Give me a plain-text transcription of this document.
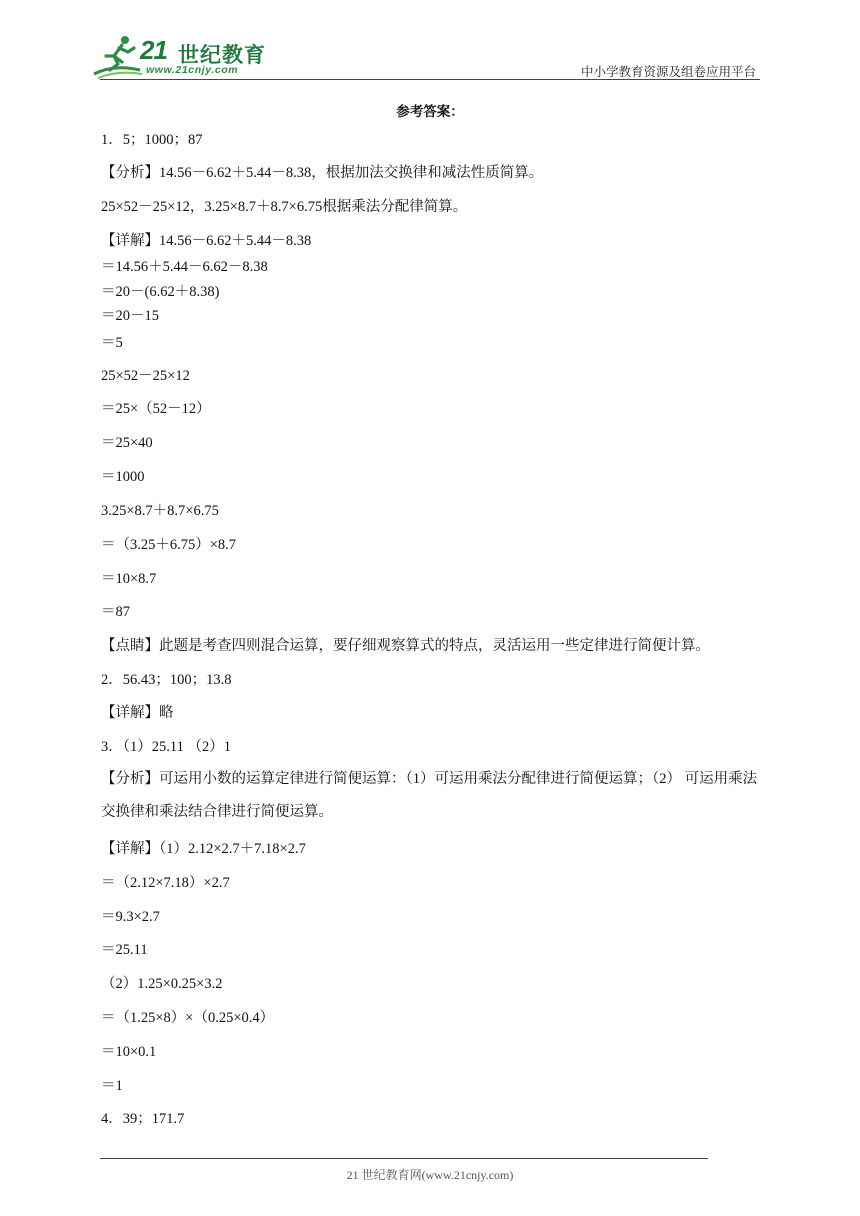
21 世纪教育
www.21cnjy.com	中小学教育资源及组卷应用平台
参考答案：
1．5；1000；87
【分析】14.56－6.62＋5.44－8.38，根据加法交换律和减法性质简算。
25×52－25×12，3.25×8.7＋8.7×6.75根据乘法分配律简算。
【详解】14.56－6.62＋5.44－8.38
＝14.56＋5.44－6.62－8.38
＝20－(6.62＋8.38)
＝20－15
＝5
25×52－25×12
＝25×（52－12）
＝25×40
＝1000
3.25×8.7＋8.7×6.75
＝（3.25＋6.75）×8.7
＝10×8.7
＝87
【点睛】此题是考查四则混合运算，要仔细观察算式的特点，灵活运用一些定律进行简便计算。
2．56.43；100；13.8
【详解】略
3．（1）25.11 （2）1
【分析】可运用小数的运算定律进行简便运算：（1）可运用乘法分配律进行简便运算；（2） 可运用乘法交换律和乘法结合律进行简便运算。
【详解】（1）2.12×2.7＋7.18×2.7
＝（2.12×7.18）×2.7
＝9.3×2.7
＝25.11
（2）1.25×0.25×3.2
＝（1.25×8）×（0.25×0.4）
＝10×0.1
＝1
4．39；171.7
21 世纪教育网(www.21cnjy.com)
